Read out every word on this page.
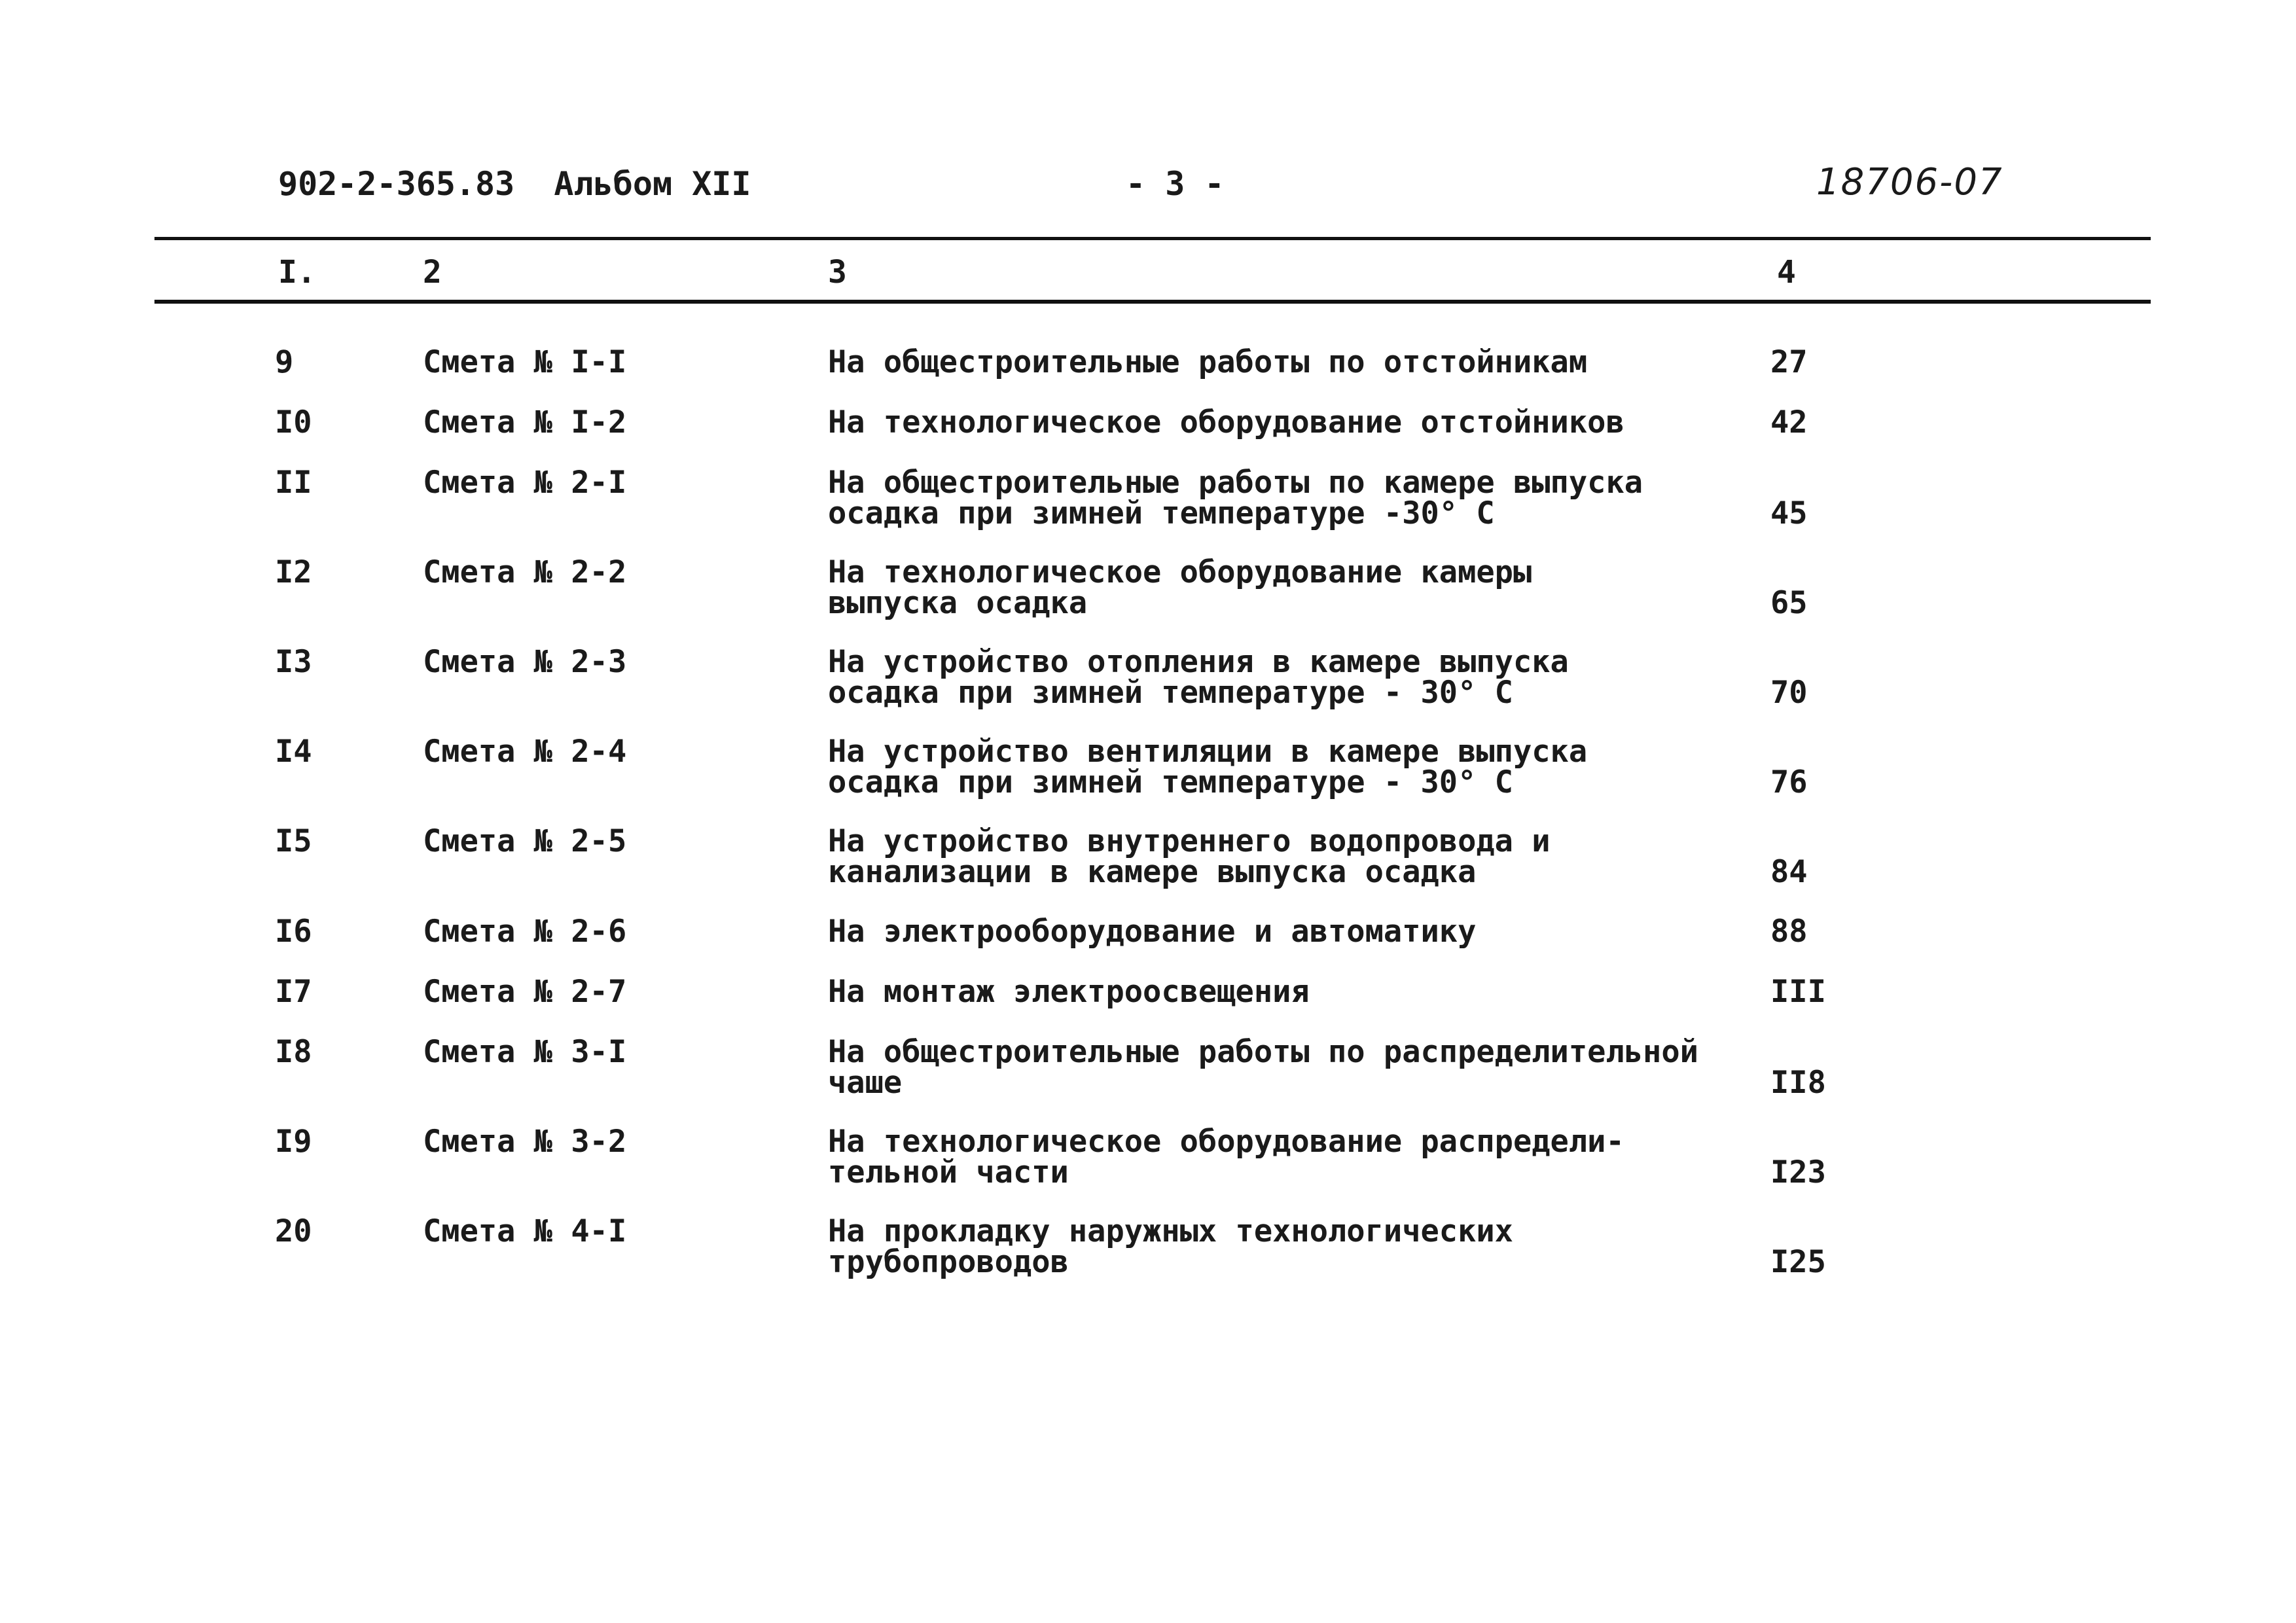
902-2-365.83  Альбом XII	- 3 -	18706-07
I.	2	3	4
9	Смета № I-I	На общестроительные работы по отстойникам	27
I0	Смета № I-2	На технологическое оборудование отстойников	42
II	Смета № 2-I	На общестроительные работы по камере выпуска
осадка при зимней температуре -30° С	45
I2	Смета № 2-2	На технологическое оборудование камеры
выпуска осадка	65
I3	Смета № 2-3	На устройство отопления в камере выпуска
осадка при зимней температуре - 30° С	70
I4	Смета № 2-4	На устройство вентиляции в камере выпуска
осадка при зимней температуре - 30° С	76
I5	Смета № 2-5	На устройство внутреннего водопровода и
канализации в камере выпуска осадка	84
I6	Смета № 2-6	На электрооборудование и автоматику	88
I7	Смета № 2-7	На монтаж электроосвещения	III
I8	Смета № 3-I	На общестроительные работы по распределительной
чаше	II8
I9	Смета № 3-2	На технологическое оборудование распредели-
тельной части	I23
20	Смета № 4-I	На прокладку наружных технологических
трубопроводов	I25
